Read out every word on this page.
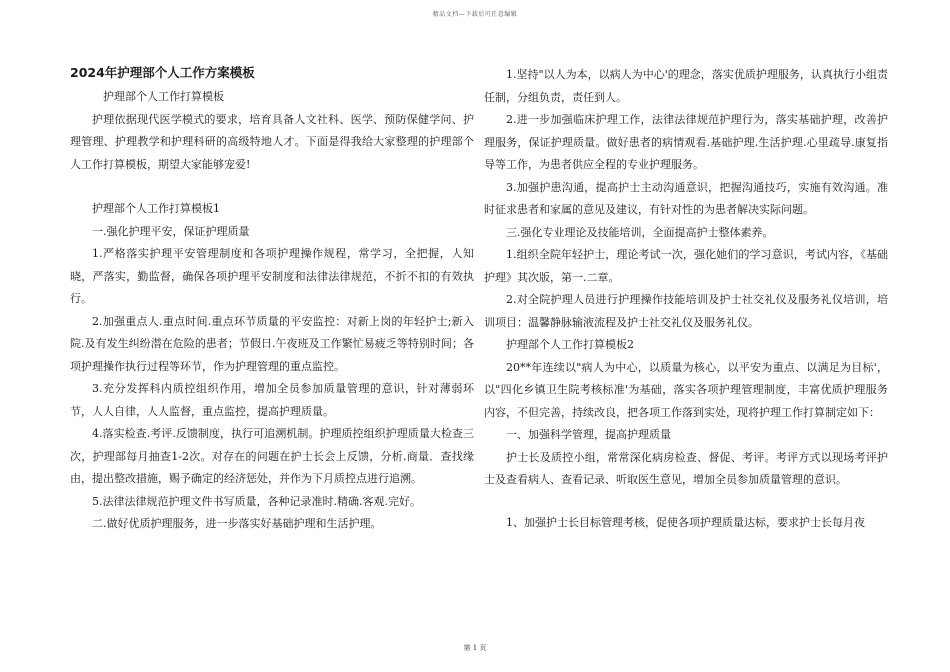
精品文档—下载后可任意编辑
2024年护理部个人工作方案模板

护理部个人工作打算模板

护理依据现代医学模式的要求，培育具备人文社科、医学、预防保健学问、护理管理、护理教学和护理科研的高级特地人才。下面是得我给大家整理的护理部个人工作打算模板，期望大家能够宠爱!

护理部个人工作打算模板1

一.强化护理平安，保证护理质量

1.严格落实护理平安管理制度和各项护理操作规程，常学习，全把握，人知晓，严落实，勤监督，确保各项护理平安制度和法律法律规范，不折不扣的有效执行。

2.加强重点人.重点时间.重点环节质量的平安监控：对新上岗的年轻护士;新入院.及有发生纠纷潜在危险的患者；节假日.午夜班及工作繁忙易疲乏等特别时间；各项护理操作执行过程等环节，作为护理管理的重点监控。

3.充分发挥科内质控组织作用，增加全员参加质量管理的意识，针对薄弱环节，人人自律，人人监督，重点监控，提高护理质量。

4.落实检查.考评.反馈制度，执行可追溯机制。护理质控组织护理质量大检查三次，护理部每月抽查1-2次。对存在的问题在护士长会上反馈，分析.商量．查找缘由，提出整改措施，赐予确定的经济惩处，并作为下月质控点进行追溯。

5.法律法律规范护理文件书写质量，各种记录准时.精确.客观.完好。

二.做好优质护理服务，进一步落实好基础护理和生活护理。

1.坚持"以人为本，以病人为中心'的理念，落实优质护理服务，认真执行小组责任制，分组负责，责任到人。

2.进一步加强临床护理工作，法律法律规范护理行为，落实基础护理，改善护理服务，保证护理质量。做好患者的病情观看.基础护理.生活护理.心里疏导.康复指导等工作，为患者供应全程的专业护理服务。

3.加强护患沟通，提高护士主动沟通意识，把握沟通技巧，实施有效沟通。准时征求患者和家属的意见及建议，有针对性的为患者解决实际问题。

三.强化专业理论及技能培训，全面提高护士整体素养。

1.组织全院年轻护士，理论考试一次，强化她们的学习意识，考试内容，《基础护理》其次版，第一.二章。

2.对全院护理人员进行护理操作技能培训及护士社交礼仪及服务礼仪培训，培训项目：温馨静脉输液流程及护士社交礼仪及服务礼仪。

护理部个人工作打算模板2

20**年连续以"病人为中心，以质量为核心，以平安为重点、以满足为目标'，以"四化乡镇卫生院考核标准'为基础，落实各项护理管理制度，丰富优质护理服务内容，不但完善，持续改良，把各项工作落到实处，现将护理工作打算制定如下：

一、加强科学管理，提高护理质量

护士长及质控小组，常常深化病房检查、督促、考评。考评方式以现场考评护士及查看病人、查看记录、听取医生意见，增加全员参加质量管理的意识。

1、加强护士长目标管理考核，促使各项护理质量达标，要求护士长每月夜

第 1 页
